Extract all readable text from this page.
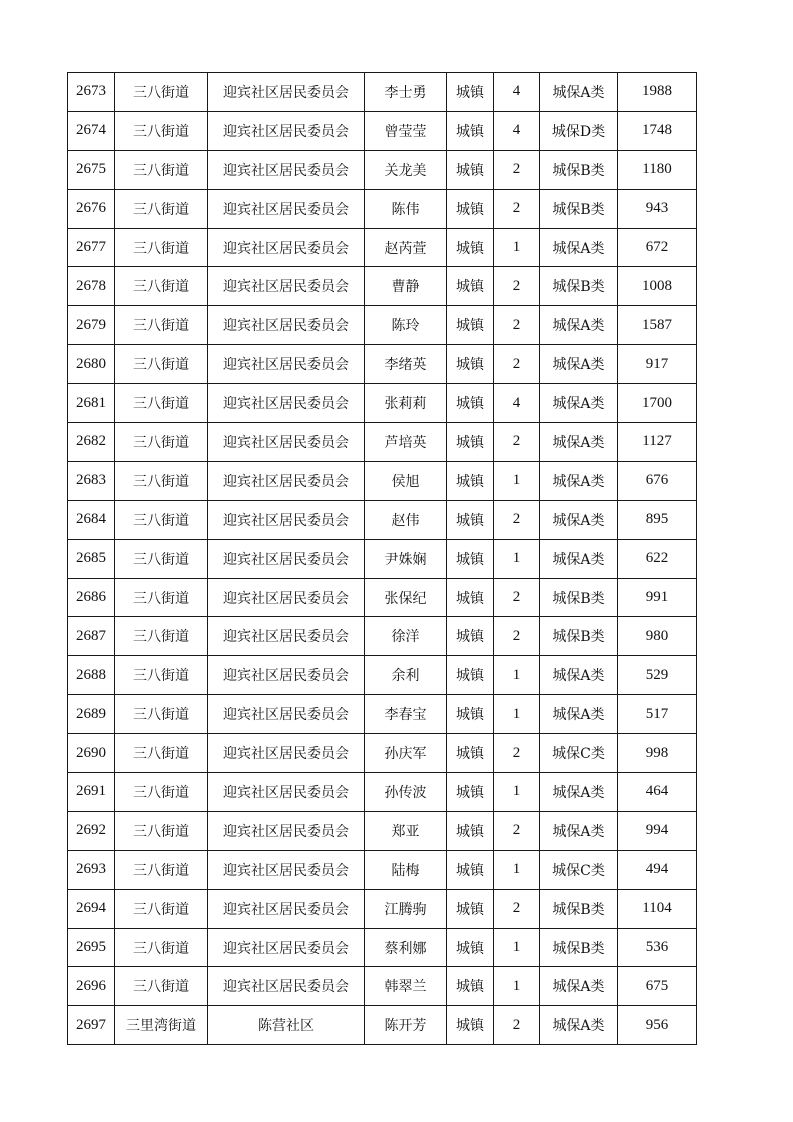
2673	三八街道	迎宾社区居民委员会	李士勇	城镇	4	城保A类	1988
2674	三八街道	迎宾社区居民委员会	曾莹莹	城镇	4	城保D类	1748
2675	三八街道	迎宾社区居民委员会	关龙美	城镇	2	城保B类	1180
2676	三八街道	迎宾社区居民委员会	陈伟	城镇	2	城保B类	943
2677	三八街道	迎宾社区居民委员会	赵芮萱	城镇	1	城保A类	672
2678	三八街道	迎宾社区居民委员会	曹静	城镇	2	城保B类	1008
2679	三八街道	迎宾社区居民委员会	陈玲	城镇	2	城保A类	1587
2680	三八街道	迎宾社区居民委员会	李绪英	城镇	2	城保A类	917
2681	三八街道	迎宾社区居民委员会	张莉莉	城镇	4	城保A类	1700
2682	三八街道	迎宾社区居民委员会	芦培英	城镇	2	城保A类	1127
2683	三八街道	迎宾社区居民委员会	侯旭	城镇	1	城保A类	676
2684	三八街道	迎宾社区居民委员会	赵伟	城镇	2	城保A类	895
2685	三八街道	迎宾社区居民委员会	尹姝娴	城镇	1	城保A类	622
2686	三八街道	迎宾社区居民委员会	张保纪	城镇	2	城保B类	991
2687	三八街道	迎宾社区居民委员会	徐洋	城镇	2	城保B类	980
2688	三八街道	迎宾社区居民委员会	余利	城镇	1	城保A类	529
2689	三八街道	迎宾社区居民委员会	李春宝	城镇	1	城保A类	517
2690	三八街道	迎宾社区居民委员会	孙庆军	城镇	2	城保C类	998
2691	三八街道	迎宾社区居民委员会	孙传波	城镇	1	城保A类	464
2692	三八街道	迎宾社区居民委员会	郑亚	城镇	2	城保A类	994
2693	三八街道	迎宾社区居民委员会	陆梅	城镇	1	城保C类	494
2694	三八街道	迎宾社区居民委员会	江腾驹	城镇	2	城保B类	1104
2695	三八街道	迎宾社区居民委员会	蔡利娜	城镇	1	城保B类	536
2696	三八街道	迎宾社区居民委员会	韩翠兰	城镇	1	城保A类	675
2697	三里湾街道	陈营社区	陈开芳	城镇	2	城保A类	956
